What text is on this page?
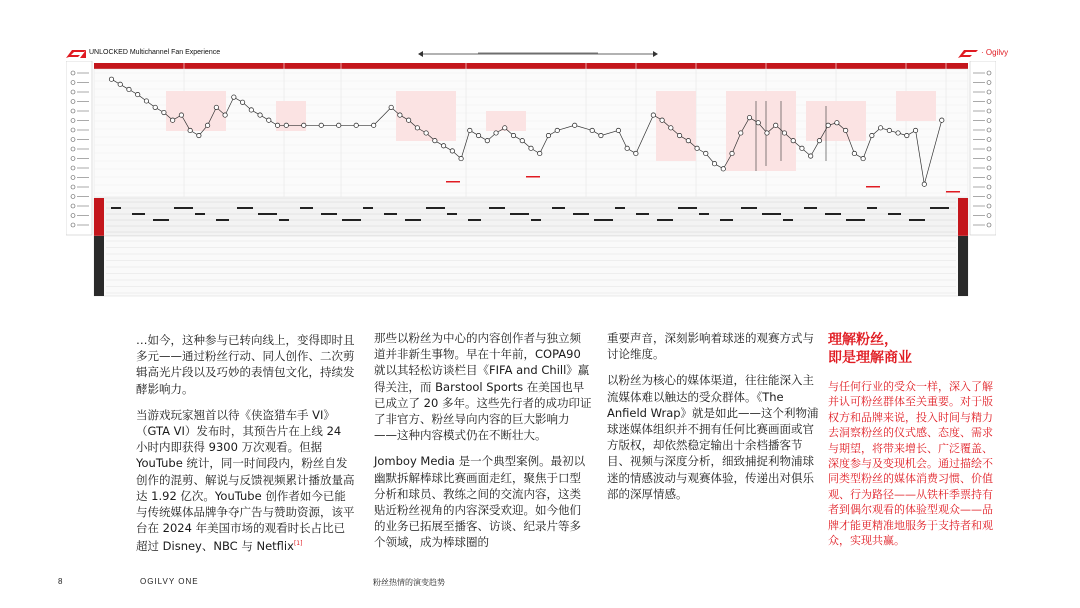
UNLOCKED Multichannel Fan Experience	· Ogilvy

…如今，这种参与已转向线上，变得即时且多元——通过粉丝行动、同人创作、二次剪辑高光片段以及巧妙的表情包文化，持续发酵影响力。

当游戏玩家翘首以待《侠盗猎车手 VI》（GTA VI）发布时，其预告片在上线 24 小时内即获得 9300 万次观看。但据 YouTube 统计，同一时间段内，粉丝自发创作的混剪、解说与反馈视频累计播放量高达 1.92 亿次。YouTube 创作者如今已能与传统媒体品牌争夺广告与赞助资源，该平台在 2024 年美国市场的观看时长占比已超过 Disney、NBC 与 Netflix[1]

那些以粉丝为中心的内容创作者与独立频道并非新生事物。早在十年前，COPA90 就以其轻松访谈栏目《FIFA and Chill》赢得关注，而 Barstool Sports 在美国也早已成立了 20 多年。这些先行者的成功印证了非官方、粉丝导向内容的巨大影响力——这种内容模式仍在不断壮大。

Jomboy Media 是一个典型案例。最初以幽默拆解棒球比赛画面走红，聚焦于口型分析和球员、教练之间的交流内容，这类贴近粉丝视角的内容深受欢迎。如今他们的业务已拓展至播客、访谈、纪录片等多个领域，成为棒球圈的

重要声音，深刻影响着球迷的观赛方式与讨论维度。

以粉丝为核心的媒体渠道，往往能深入主流媒体难以触达的受众群体。《The Anfield Wrap》就是如此——这个利物浦球迷媒体组织并不拥有任何比赛画面或官方版权，却依然稳定输出十余档播客节目、视频与深度分析，细致捕捉利物浦球迷的情感波动与观赛体验，传递出对俱乐部的深厚情感。

理解粉丝，
即是理解商业

与任何行业的受众一样，深入了解并认可粉丝群体至关重要。对于版权方和品牌来说，投入时间与精力去洞察粉丝的仪式感、态度、需求与期望，将带来增长、广泛覆盖、深度参与及变现机会。通过描绘不同类型粉丝的媒体消费习惯、价值观、行为路径——从铁杆季票持有者到偶尔观看的体验型观众——品牌才能更精准地服务于支持者和观众，实现共赢。

8	OGILVY ONE	粉丝热情的演变趋势
